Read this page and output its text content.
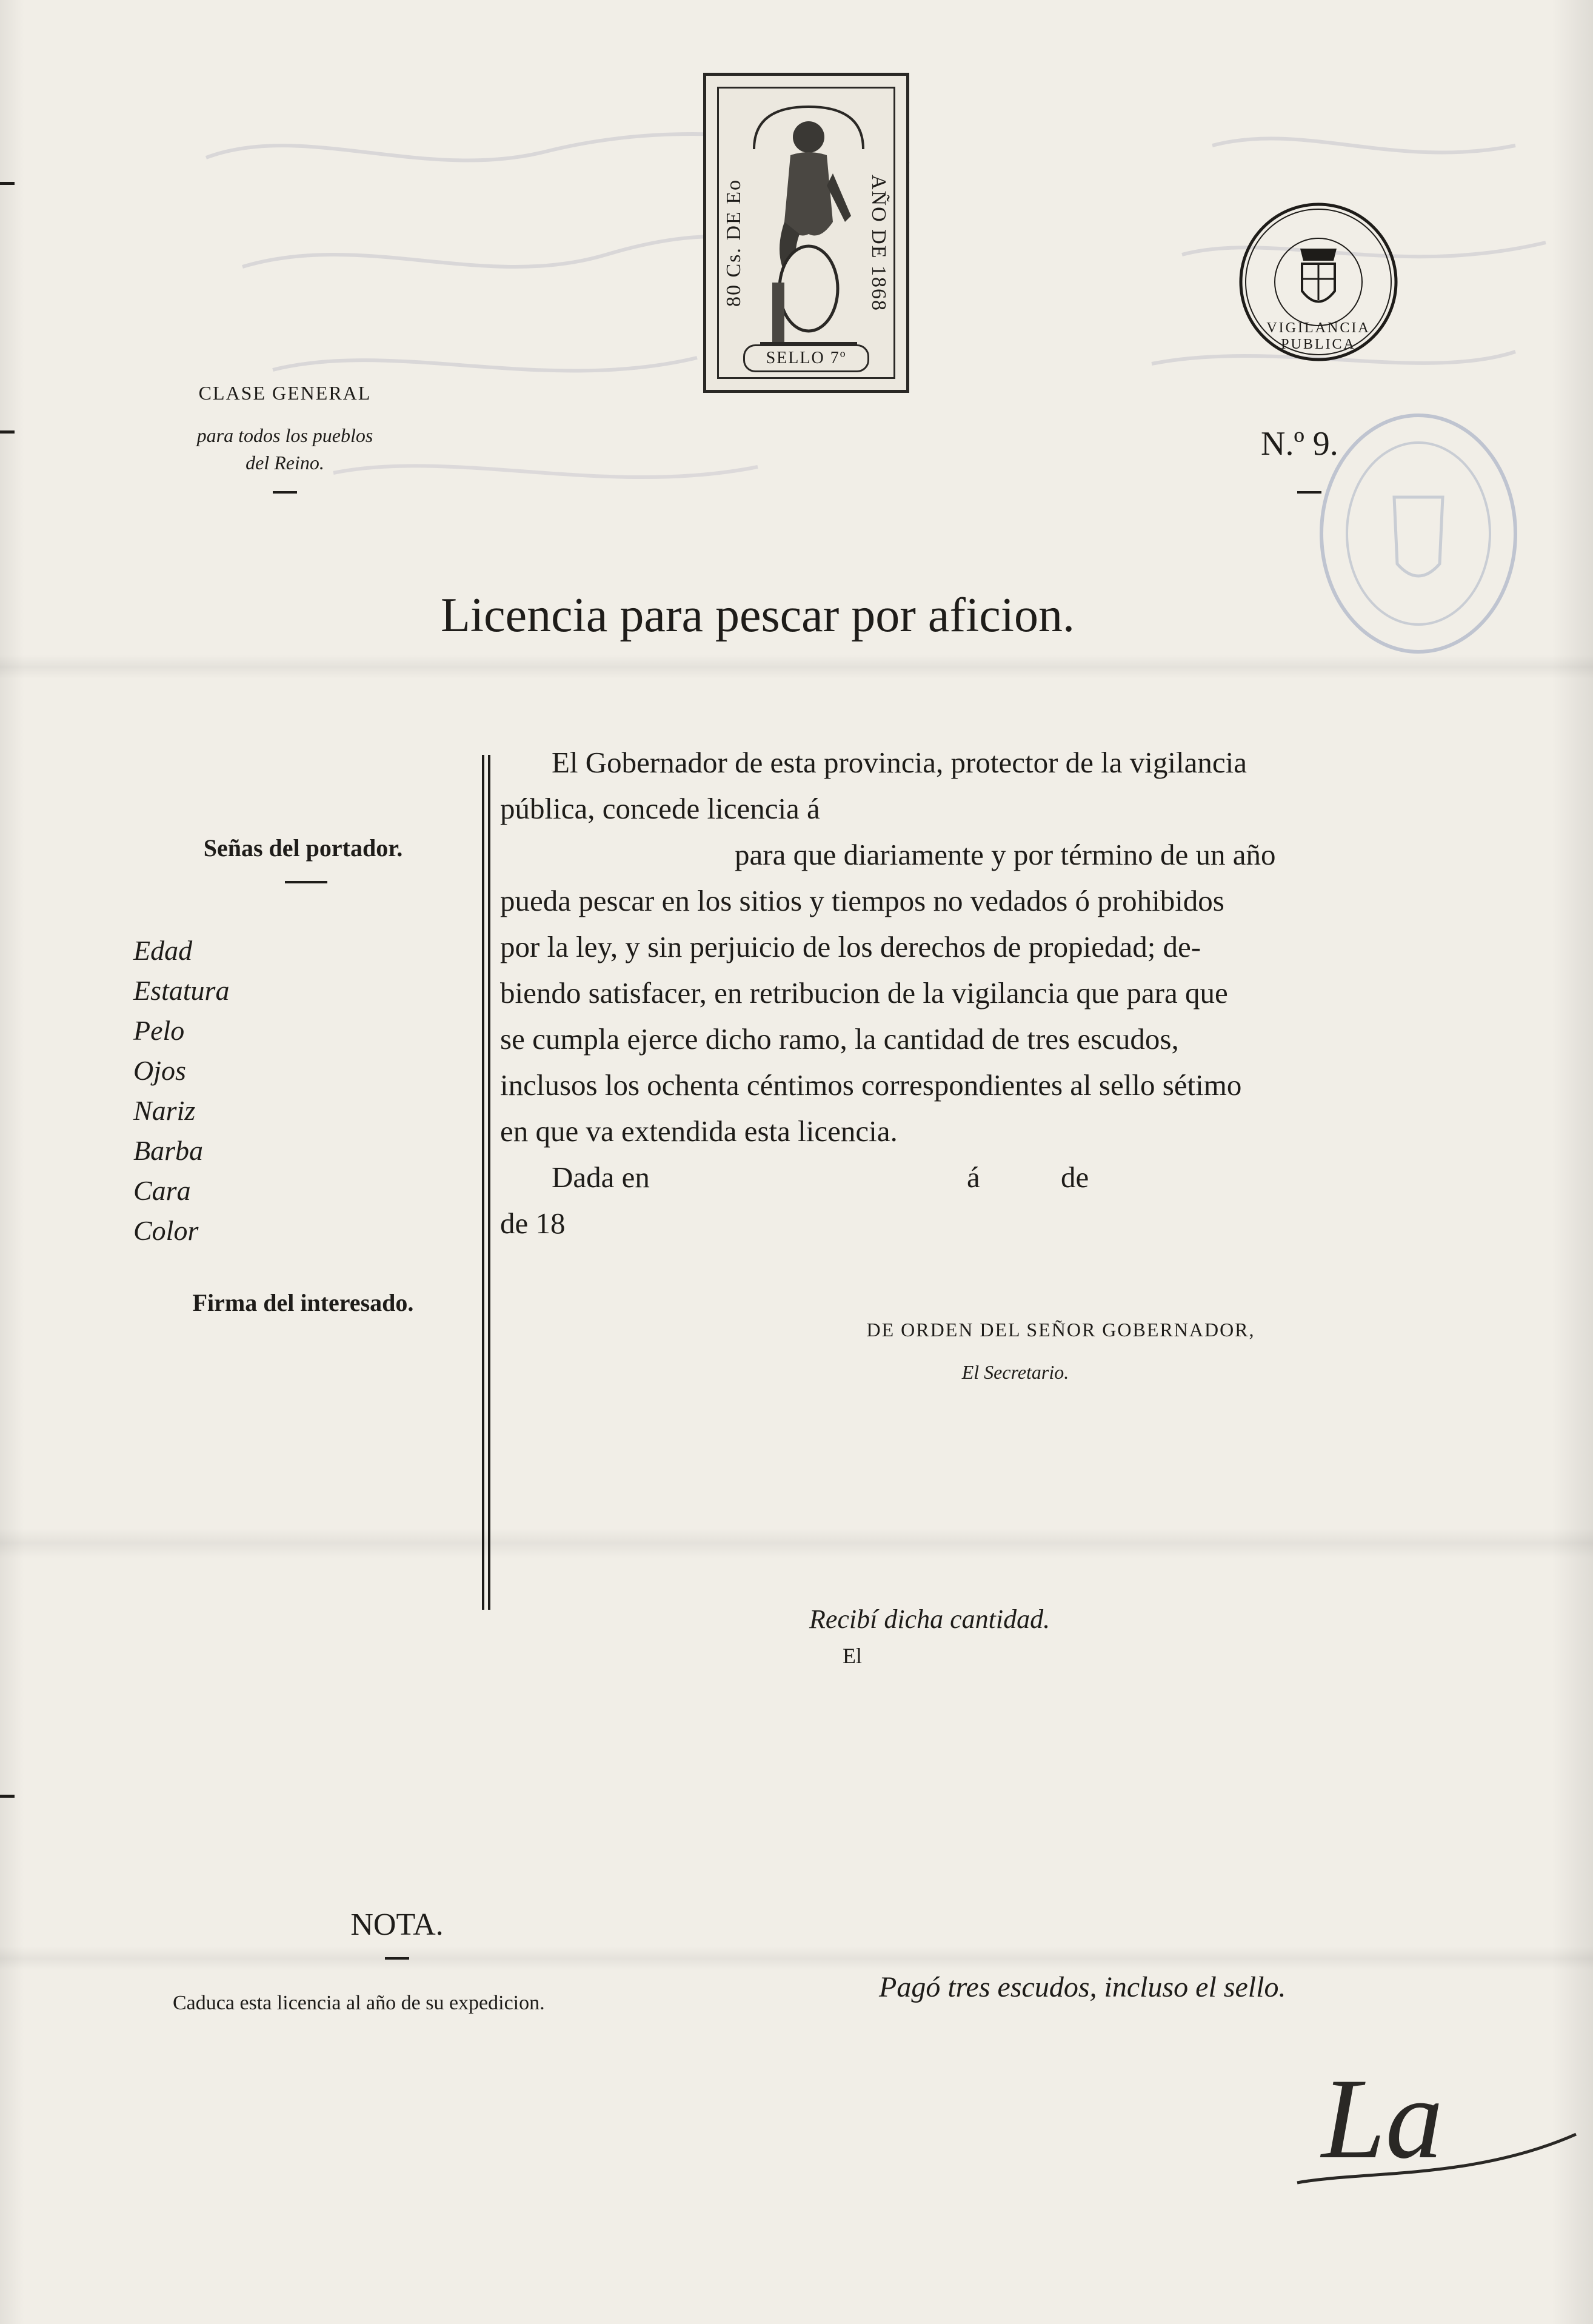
80 Cs. DE Eo	AÑO DE 1868
SELLO 7º
VIGILANCIA PUBLICA
CLASE GENERAL
para todos los pueblos
del Reino.	N.º 9.
Licencia para pescar por aficion.
Señas del portador.
Edad
Estatura
Pelo
Ojos
Nariz
Barba
Cara
Color
Firma del interesado.
El Gobernador de esta provincia, protector de la vigilancia
pública, concede licencia á
para que diariamente y por término de un año
pueda pescar en los sitios y tiempos no vedados ó prohibidos
por la ley, y sin perjuicio de los derechos de propiedad; de-
biendo satisfacer, en retribucion de la vigilancia que para que
se cumpla ejerce dicho ramo, la cantidad de tres escudos,
inclusos los ochenta céntimos correspondientes al sello sétimo
en que va extendida esta licencia.
Dada en	á	de
de 18
DE ORDEN DEL SEÑOR GOBERNADOR,
El Secretario.
Recibí dicha cantidad.
El
NOTA.
Caduca esta licencia al año de su expedicion.	Pagó tres escudos, incluso el sello.
La
